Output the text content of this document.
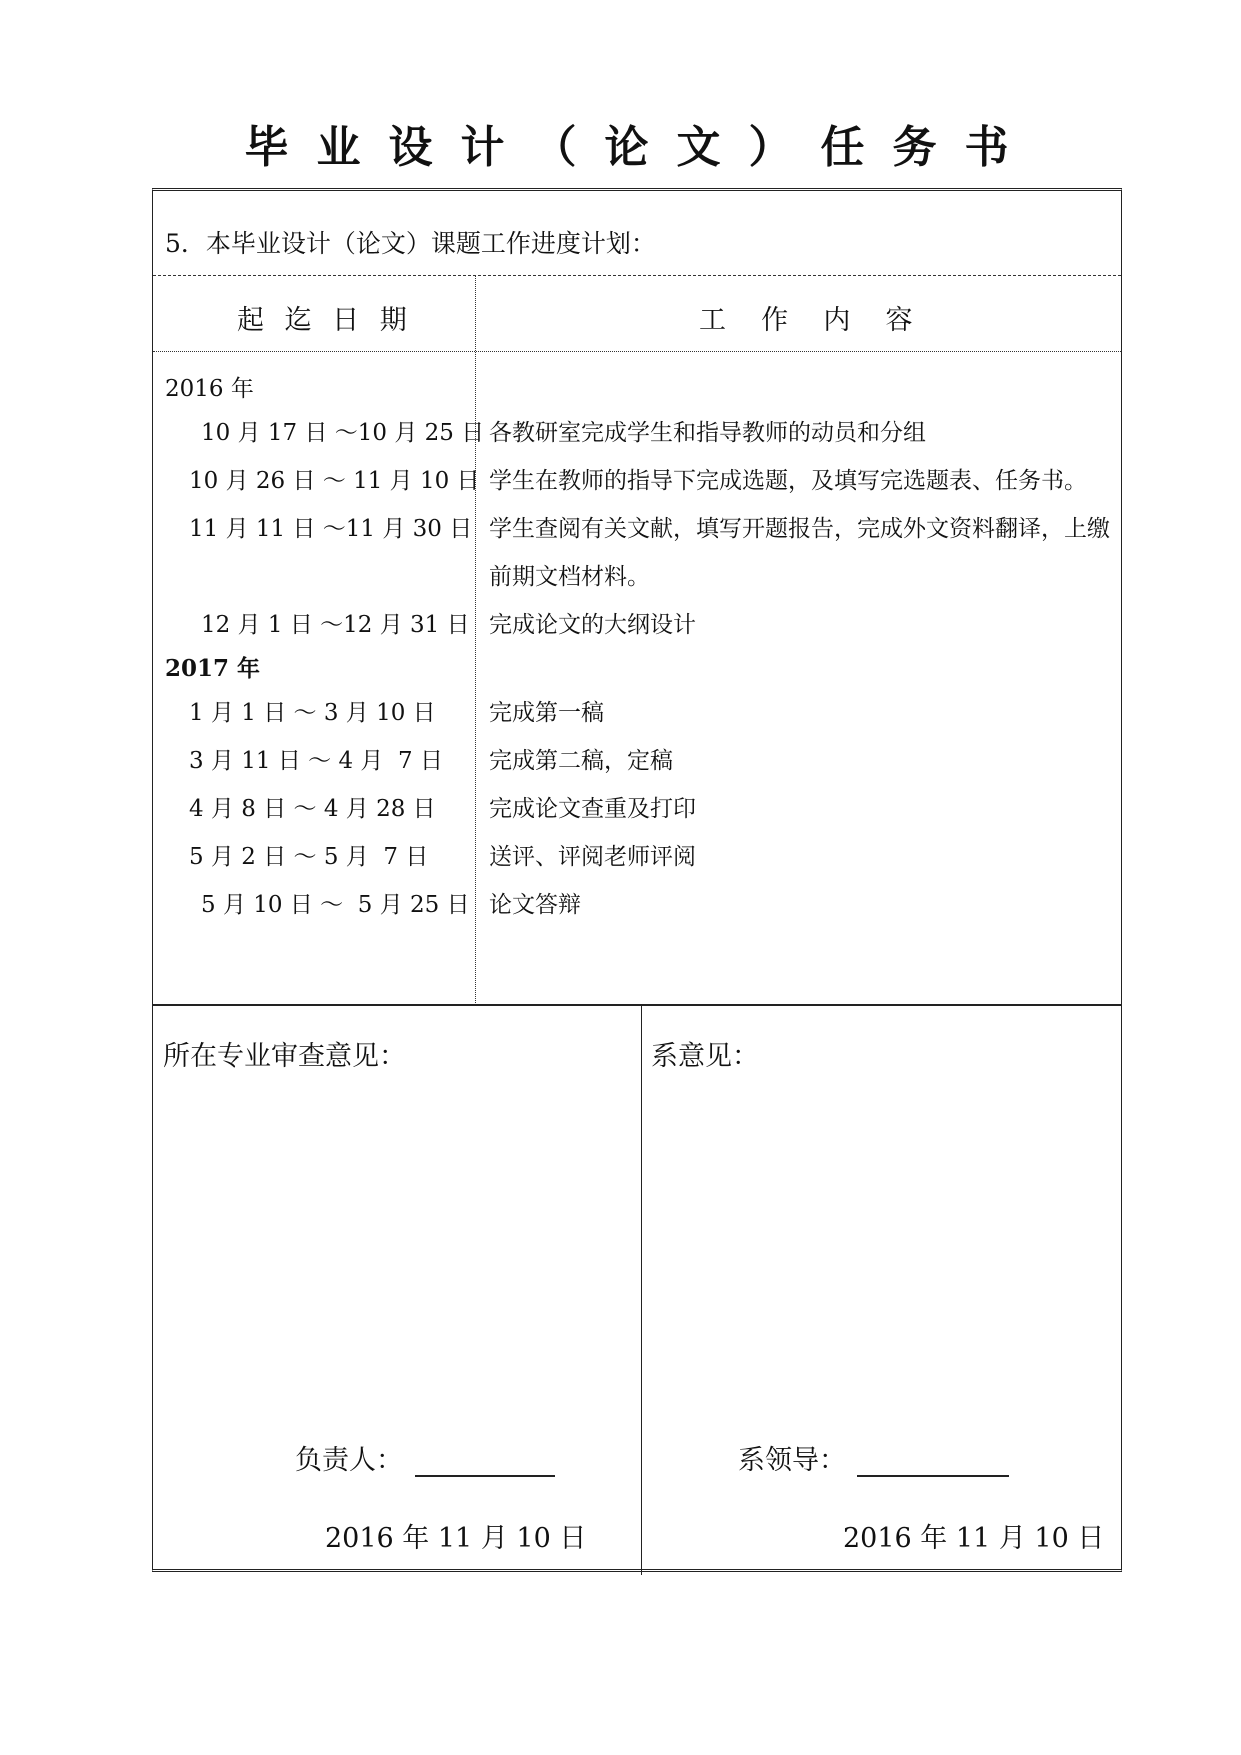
毕业设计（论文）任务书
5．本毕业设计（论文）课题工作进度计划：
起 迄 日 期	工  作  内  容
2016 年
10 月 17 日 ～10 月 25 日 各教研室完成学生和指导教师的动员和分组
10 月 26 日 ～ 11 月 10 日 学生在教师的指导下完成选题，及填写完选题表、任务书。
11 月 11 日 ～11 月 30 日 学生查阅有关文献，填写开题报告，完成外文资料翻译，上缴前期文档材料。
12 月 1 日 ～12 月 31 日 完成论文的大纲设计
2017 年
1 月 1 日 ～ 3 月 10 日 完成第一稿
3 月 11 日 ～ 4 月  7 日 完成第二稿，定稿
4 月 8 日 ～ 4 月 28 日 完成论文查重及打印
5 月 2 日 ～ 5 月  7 日	送评、评阅老师评阅
5 月 10 日 ～  5 月 25 日 论文答辩
所在专业审查意见：	系意见：
负责人：
2016 年 11 月 10 日
系领导：
2016 年 11 月 10 日
